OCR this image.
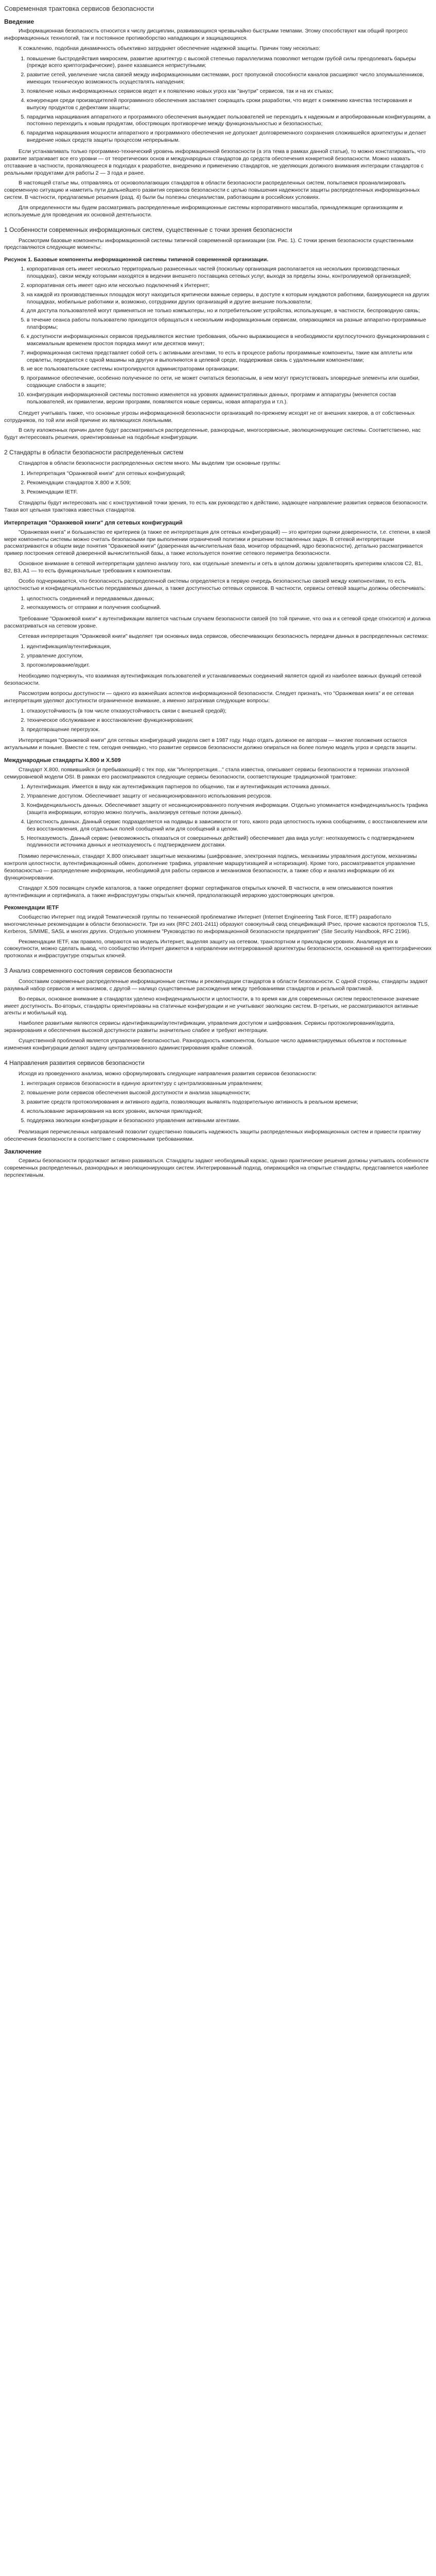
Современная трактовка сервисов безопасности
Введение

Информационная безопасность относится к числу дисциплин, развивающихся чрезвычайно быстрыми темпами. Этому способствуют как общий прогресс информационных технологий, так и постоянное противоборство нападающих и защищающихся.

К сожалению, подобная динамичность объективно затрудняет обеспечение надежной защиты. Причин тому несколько:

1. повышение быстродействия микросхем, развитие архитектур с высокой степенью параллелизма позволяют методом грубой силы преодолевать барьеры (прежде всего криптографические), ранее казавшиеся неприступными;
2. развитие сетей, увеличение числа связей между информационными системами, рост пропускной способности каналов расширяют число злоумышленников, имеющих техническую возможность осуществлять нападения;
3. появление новых информационных сервисов ведет и к появлению новых угроз как "внутри" сервисов, так и на их стыках;
4. конкуренция среди производителей программного обеспечения заставляет сокращать сроки разработки, что ведет к снижению качества тестирования и выпуску продуктов с дефектами защиты;
5. парадигма наращивания аппаратного и программного обеспечения вынуждает пользователей не переходить к надежным и апробированным конфигурациям, а постоянно переходить к новым продуктам, обостряющих противоречие между функциональностью и безопасностью;
6. парадигма наращивания мощности аппаратного и программного обеспечения не допускает долговременного сохранения сложившейся архитектуры и делает внедрение новых средств защиты процессом непрерывным.

Если устанавливать только программно-технический уровень информационной безопасности (а эта тема в рамках данной статьи), то можно констатировать, что развитие затрагивает все его уровни — от теоретических основ и международных стандартов до средств обеспечения конкретной безопасности. Можно назвать отставание в частности, проявляющееся в подходах к разработке, внедрению и применению стандартов, не уделяющих должного внимания интеграции стандартов с реальными продуктами для работы 2 — 3 года и ранее.

В настоящей статье мы, отправляясь от основополагающих стандартов в области безопасности распределенных систем, попытаемся проанализировать современную ситуацию и наметить пути дальнейшего развития сервисов безопасности с целью повышения надежности защиты распределенных информационных систем. В частности, предлагаемые решения (разд. 4) были бы полезны специалистам, работающим в российских условиях.

Для определенности мы будем рассматривать распределенные информационные системы корпоративного масштаба, принадлежащие организациям и используемые для проведения их основной деятельности.

1 Особенности современных информационных систем, существенные с точки зрения безопасности

Рассмотрим базовые компоненты информационной системы типичной современной организации (см. Рис. 1). С точки зрения безопасности существенными представляются следующие моменты:

Рисунок 1. Базовые компоненты информационной системы типичной современной организации.

1. корпоративная сеть имеет несколько территориально разнесенных частей (поскольку организация располагается на нескольких производственных площадках), связи между которыми находятся в ведении внешнего поставщика сетевых услуг, выходя за пределы зоны, контролируемой организацией;
2. корпоративная сеть имеет одно или несколько подключений к Интернет;
3. на каждой из производственных площадок могут находиться критически важные серверы, в доступе к которым нуждаются работники, базирующиеся на других площадках, мобильные работники и, возможно, сотрудники других организаций и другие внешние пользователи;
4. для доступа пользователей могут применяться не только компьютеры, но и потребительские устройства, использующие, в частности, беспроводную связь;
5. в течение сеанса работы пользователю приходится обращаться к нескольким информационным сервисам, опирающимся на разные аппаратно-программные платформы;
6. к доступности информационных сервисов предъявляются жесткие требования, обычно выражающиеся в необходимости круглосуточного функционирования с максимальным временем простоя порядка минут или десятков минут;
7. информационная система представляет собой сеть с активными агентами, то есть в процессе работы программные компоненты, такие как апплеты или сервлеты, передаются с одной машины на другую и выполняются в целевой среде, поддерживая связь с удаленными компонентами;
8. не все пользовательские системы контролируются администраторами организации;
9. программное обеспечение, особенно полученное по сети, не может считаться безопасным, в нем могут присутствовать зловредные элементы или ошибки, создающие слабости в защите;
10. конфигурация информационной системы постоянно изменяется на уровнях административных данных, программ и аппаратуры (меняется состав пользователей, их привилегии, версии программ, появляются новые сервисы, новая аппаратура и т.п.).

Следует учитывать также, что основные угрозы информационной безопасности организаций по-прежнему исходят не от внешних хакеров, а от собственных сотрудников, по той или иной причине их являющихся лояльными.

В силу изложенных причин далее будут рассматриваться распределенные, разнородные, многосервисные, эволюционирующие системы. Соответственно, нас будут интересовать решения, ориентированные на подобные конфигурации.

2 Стандарты в области безопасности распределенных систем

Стандартов в области безопасности распределенных систем много. Мы выделим три основные группы:

1. Интерпретация "Оранжевой книги" для сетевых конфигураций;
2. Рекомендации стандартов X.800 и X.509;
3. Рекомендации IETF.

Стандарты будут интересовать нас с конструктивной точки зрения, то есть как руководство к действию, задающее направление развития сервисов безопасности. Такая вот цельная трактовка известных стандартов.

Интерпретация "Оранжевой книги" для сетевых конфигураций

"Оранжевая книга" и большинство ее критериев (а также ее интерпретация для сетевых конфигураций) — это критерии оценки доверенности, т.е. степени, в какой мере компоненты системы можно считать безопасными при выполнении ограничений политики и решении поставленных задач. В сетевой интерпретации рассматриваются в общем виде понятия "Оранжевой книги" (доверенная вычислительная база, монитор обращений, ядро безопасности), детально рассматривается пример построения сетевой доверенной вычислительной базы, а также используется понятие сетевого периметра безопасности.

Основное внимание в сетевой интерпретации уделено анализу того, как отдельные элементы и сеть в целом должны удовлетворять критериям классов C2, B1, B2, B3, A1 — то есть функциональные требования к компонентам.

Особо подчеркивается, что безопасность распределенной системы определяется в первую очередь безопасностью связей между компонентами, то есть целостностью и конфиденциальностью передаваемых данных, а также доступностью сетевых сервисов. В частности, сервисы сетевой защиты должны обеспечивать:

1. целостность соединений и передаваемых данных;
2. неотказуемость от отправки и получения сообщений.

Требование "Оранжевой книги" к аутентификации является частным случаем безопасности связей (по той причине, что она и к сетевой среде относится) и должна рассматриваться на сетевом уровне.

Сетевая интерпретация "Оранжевой книги" выделяет три основных вида сервисов, обеспечивающих безопасность передачи данных в распределенных системах:

1. идентификация/аутентификация,
2. управление доступом,
3. протоколирование/аудит.

Необходимо подчеркнуть, что взаимная аутентификация пользователей и устанавливаемых соединений является одной из наиболее важных функций сетевой безопасности.

Рассмотрим вопросы доступности — одного из важнейших аспектов информационной безопасности. Следует признать, что "Оранжевая книга" и ее сетевая интерпретация уделяют доступности ограниченное внимание, а именно затрагивая следующие вопросы:

1. отказоустойчивость (в том числе отказоустойчивость связи с внешней средой);
2. техническое обслуживание и восстановление функционирования;
3. предотвращение перегрузок.

Интерпретация "Оранжевой книги" для сетевых конфигураций увидела свет в 1987 году. Надо отдать должное ее авторам — многие положения остаются актуальными и поныне. Вместе с тем, сегодня очевидно, что развитие сервисов безопасности должно опираться на более полную модель угроз и средств защиты.

Международные стандарты X.800 и X.509

Стандарт X.800, появившийся (и пребывающий) с тех пор, как "Интерпретация..." стала известна, описывает сервисы безопасности в терминах эталонной семиуровневой модели OSI. В рамках его рассматриваются следующие сервисы безопасности, соответствующие традиционной трактовке:

1. Аутентификация. Имеется в виду как аутентификация партнеров по общению, так и аутентификация источника данных.
2. Управление доступом. Обеспечивает защиту от несанкционированного использования ресурсов.
3. Конфиденциальность данных. Обеспечивает защиту от несанкционированного получения информации. Отдельно упоминается конфиденциальность трафика (защита информации, которую можно получить, анализируя сетевые потоки данных).
4. Целостность данных. Данный сервис подразделяется на подвиды в зависимости от того, какого рода целостность нужна сообщениям, с восстановлением или без восстановления, для отдельных полей сообщений или для сообщений в целом.
5. Неотказуемость. Данный сервис (невозможность отказаться от совершенных действий) обеспечивает два вида услуг: неотказуемость с подтверждением подлинности источника данных и неотказуемость с подтверждением доставки.

Помимо перечисленных, стандарт X.800 описывает защитные механизмы (шифрование, электронная подпись, механизмы управления доступом, механизмы контроля целостности, аутентификационный обмен, дополнение трафика, управление маршрутизацией и нотаризация). Кроме того, рассматривается управление безопасностью — распределение информации, необходимой для работы сервисов и механизмов безопасности, а также сбор и анализ информации об их функционировании.

Стандарт X.509 посвящен службе каталогов, а также определяет формат сертификатов открытых ключей. В частности, в нем описываются понятия аутентификации и сертификата, а также инфраструктуры открытых ключей, предполагающей иерархию удостоверяющих центров.

Рекомендации IETF

Сообщество Интернет под эгидой Тематической группы по технической проблематике Интернет (Internet Engineering Task Force, IETF) разработало многочисленные рекомендации в области безопасности. Три из них (RFC 2401-2411) образуют совокупный свод спецификаций IPsec, прочие касаются протоколов TLS, Kerberos, S/MIME, SASL и многих других. Отдельно упомянем "Руководство по информационной безопасности предприятия" (Site Security Handbook, RFC 2196).

Рекомендации IETF, как правило, опираются на модель Интернет, выделяя защиту на сетевом, транспортном и прикладном уровнях. Анализируя их в совокупности, можно сделать вывод, что сообщество Интернет движется в направлении интегрированной архитектуры безопасности, основанной на криптографических протоколах и инфраструктуре открытых ключей.

3 Анализ современного состояния сервисов безопасности

Сопоставим современные распределенные информационные системы и рекомендации стандартов в области безопасности. С одной стороны, стандарты задают разумный набор сервисов и механизмов, с другой — налицо существенные расхождения между требованиями стандартов и реальной практикой.

Во-первых, основное внимание в стандартах уделено конфиденциальности и целостности, в то время как для современных систем первостепенное значение имеет доступность. Во-вторых, стандарты ориентированы на статичные конфигурации и не учитывают эволюцию систем. В-третьих, не рассматриваются активные агенты и мобильный код.

Наиболее развитыми являются сервисы идентификации/аутентификации, управления доступом и шифрования. Сервисы протоколирования/аудита, экранирования и обеспечения высокой доступности развиты значительно слабее и требуют интеграции.

Существенной проблемой является управление безопасностью. Разнородность компонентов, большое число администрируемых объектов и постоянные изменения конфигурации делают задачу централизованного администрирования крайне сложной.

4 Направления развития сервисов безопасности

Исходя из проведенного анализа, можно сформулировать следующие направления развития сервисов безопасности:

1. интеграция сервисов безопасности в единую архитектуру с централизованным управлением;
2. повышение роли сервисов обеспечения высокой доступности и анализа защищенности;
3. развитие средств протоколирования и активного аудита, позволяющих выявлять подозрительную активность в реальном времени;
4. использование экранирования на всех уровнях, включая прикладной;
5. поддержка эволюции конфигурации и безопасного управления активными агентами.

Реализация перечисленных направлений позволит существенно повысить надежность защиты распределенных информационных систем и привести практику обеспечения безопасности в соответствие с современными требованиями.

Заключение

Сервисы безопасности продолжают активно развиваться. Стандарты задают необходимый каркас, однако практические решения должны учитывать особенности современных распределенных, разнородных и эволюционирующих систем. Интегрированный подход, опирающийся на открытые стандарты, представляется наиболее перспективным.
